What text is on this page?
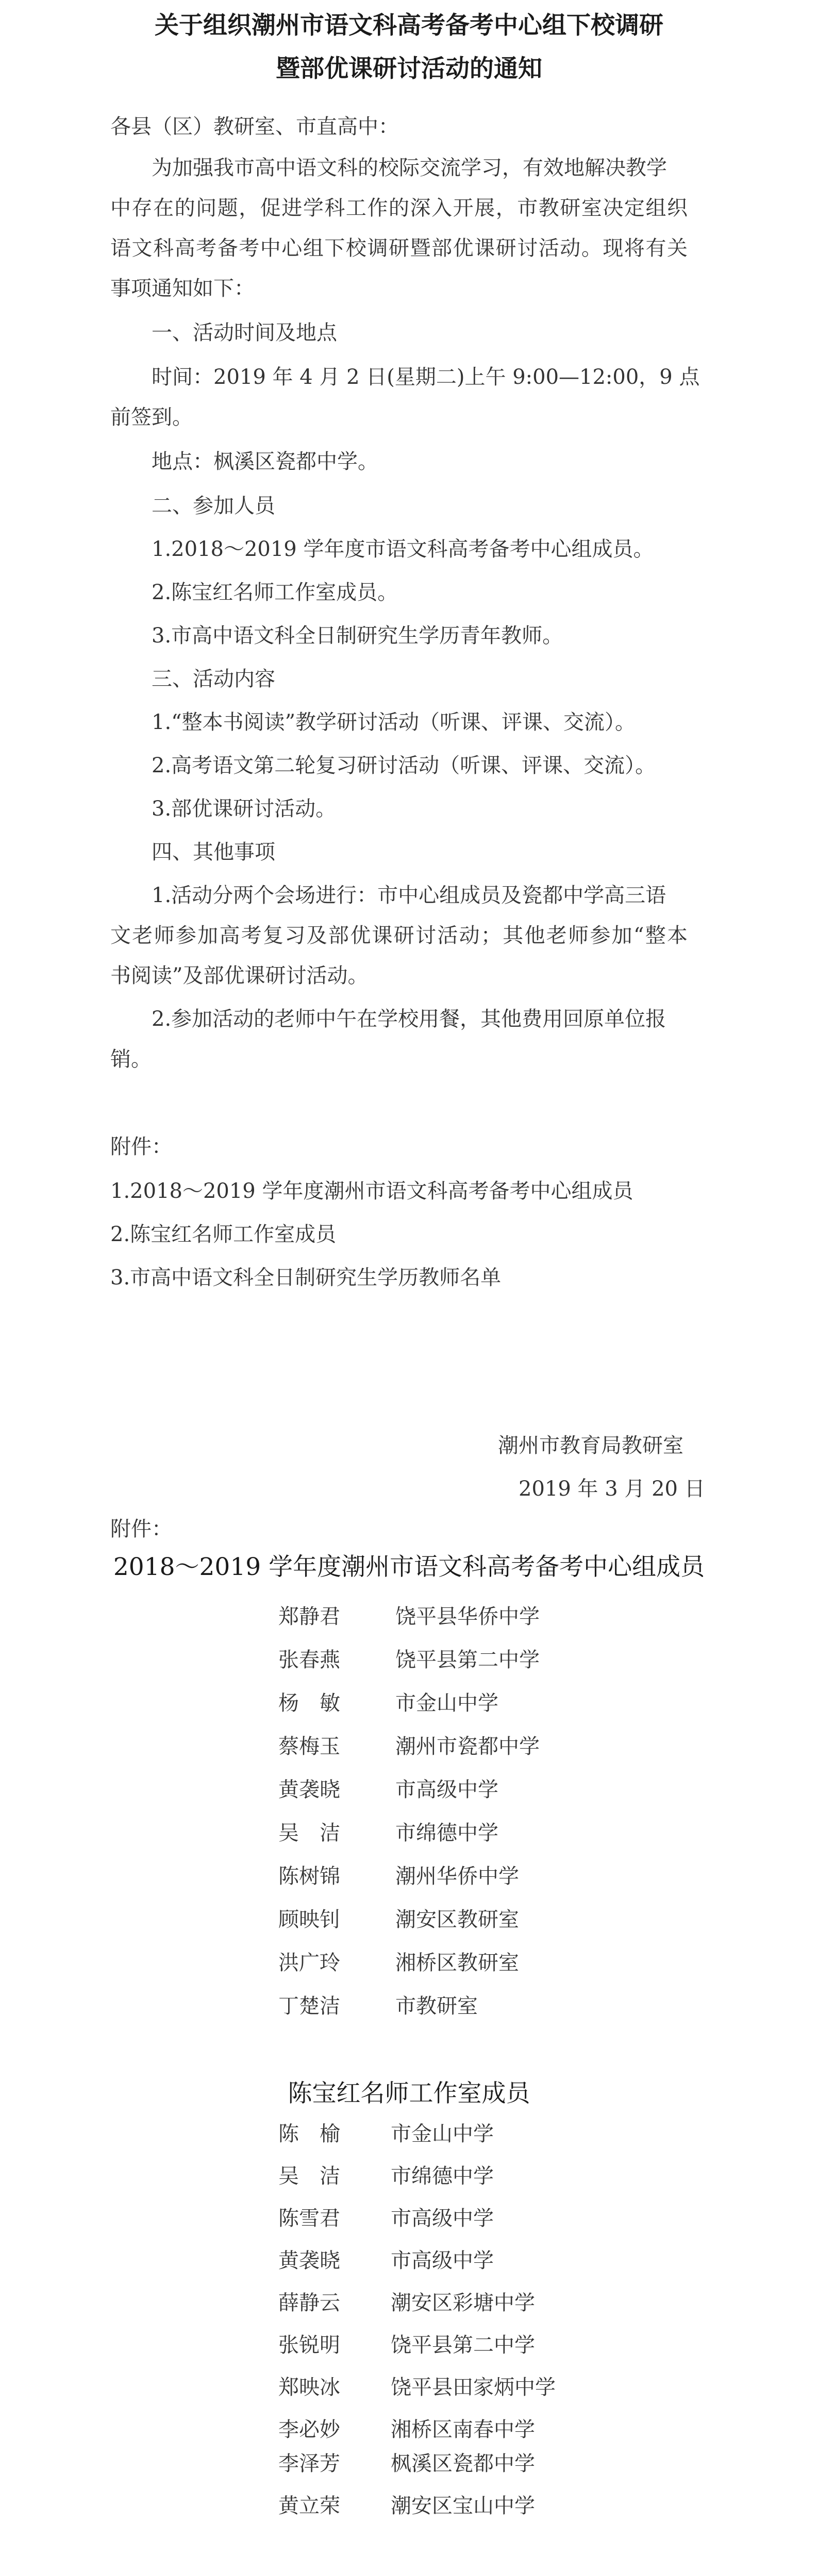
关于组织潮州市语文科高考备考中心组下校调研
暨部优课研讨活动的通知

各县（区）教研室、市直高中：

为加强我市高中语文科的校际交流学习，有效地解决教学

中存在的问题，促进学科工作的深入开展，市教研室决定组织

语文科高考备考中心组下校调研暨部优课研讨活动。现将有关

事项通知如下：

一、活动时间及地点

时间：2019 年 4 月 2 日(星期二)上午 9:00—12:00，9 点

前签到。

地点：枫溪区瓷都中学。

二、参加人员

1.2018～2019 学年度市语文科高考备考中心组成员。

2.陈宝红名师工作室成员。

3.市高中语文科全日制研究生学历青年教师。

三、活动内容

1.“整本书阅读”教学研讨活动（听课、评课、交流）。

2.高考语文第二轮复习研讨活动（听课、评课、交流）。

3.部优课研讨活动。

四、其他事项

1.活动分两个会场进行：市中心组成员及瓷都中学高三语

文老师参加高考复习及部优课研讨活动；其他老师参加“整本

书阅读”及部优课研讨活动。

2.参加活动的老师中午在学校用餐，其他费用回原单位报

销。

附件：

1.2018～2019 学年度潮州市语文科高考备考中心组成员

2.陈宝红名师工作室成员

3.市高中语文科全日制研究生学历教师名单

潮州市教育局教研室

2019 年 3 月 20 日

附件：

2018～2019 学年度潮州市语文科高考备考中心组成员

郑静君	饶平县华侨中学
张春燕	饶平县第二中学
杨　敏	市金山中学
蔡梅玉	潮州市瓷都中学
黄袭晓	市高级中学
吴　洁	市绵德中学
陈树锦	潮州华侨中学
顾映钊	潮安区教研室
洪广玲	湘桥区教研室
丁楚洁	市教研室

陈宝红名师工作室成员

陈　榆 市金山中学
吴　洁 市绵德中学
陈雪君 市高级中学
黄袭晓 市高级中学
薛静云 潮安区彩塘中学
张锐明 饶平县第二中学
郑映冰 饶平县田家炳中学
李必妙 湘桥区南春中学
李泽芳 枫溪区瓷都中学
黄立荣 潮安区宝山中学
